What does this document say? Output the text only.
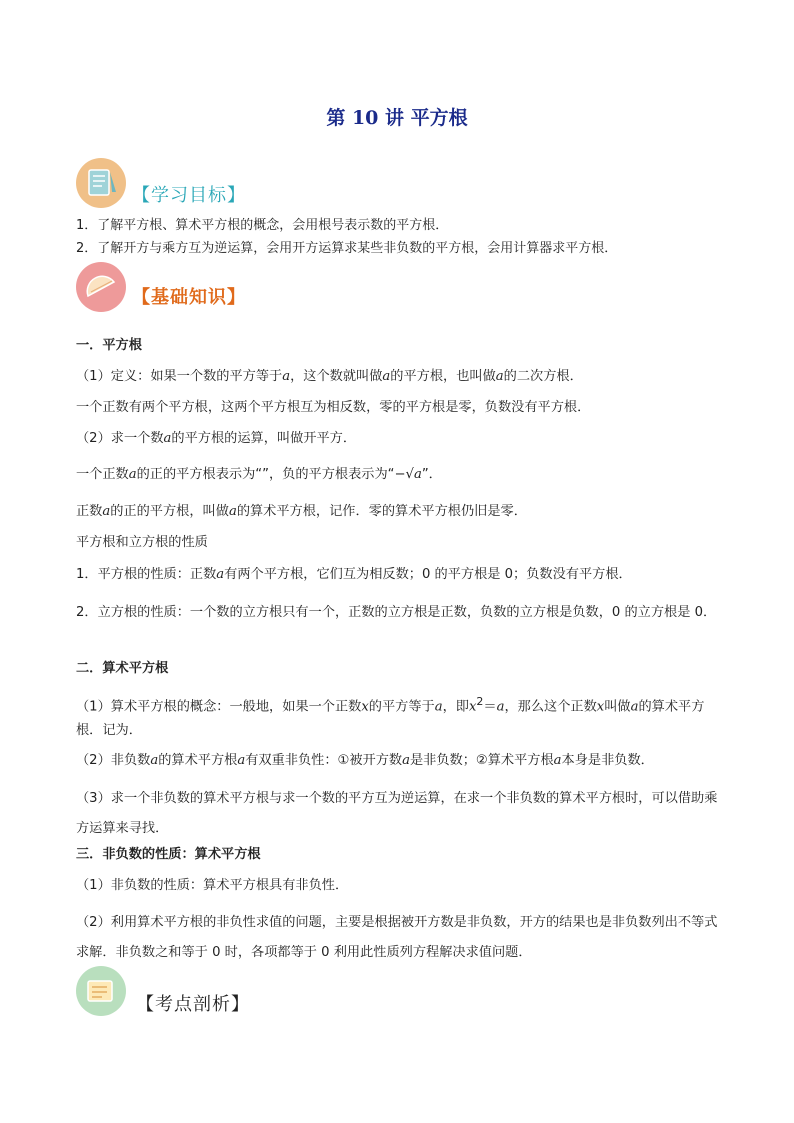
第 10 讲 平方根
【学习目标】
1．了解平方根、算术平方根的概念，会用根号表示数的平方根．
2．了解开方与乘方互为逆运算，会用开方运算求某些非负数的平方根，会用计算器求平方根．
【基础知识】
一．平方根
（1）定义：如果一个数的平方等于a，这个数就叫做a的平方根，也叫做a的二次方根．
一个正数有两个平方根，这两个平方根互为相反数，零的平方根是零，负数没有平方根．
（2）求一个数a的平方根的运算，叫做开平方．
一个正数a的正的平方根表示为“”，负的平方根表示为“−√a”．
正数a的正的平方根，叫做a的算术平方根，记作．零的算术平方根仍旧是零．
平方根和立方根的性质
1．平方根的性质：正数a有两个平方根，它们互为相反数；0 的平方根是 0；负数没有平方根．
2．立方根的性质：一个数的立方根只有一个，正数的立方根是正数，负数的立方根是负数，0 的立方根是 0．
二．算术平方根
（1）算术平方根的概念：一般地，如果一个正数x的平方等于a，即$x^2=a$，那么这个正数x叫做a的算术平方根．记为．
（2）非负数a的算术平方根a有双重非负性：①被开方数a是非负数；②算术平方根a本身是非负数．
（3）求一个非负数的算术平方根与求一个数的平方互为逆运算，在求一个非负数的算术平方根时，可以借助乘方运算来寻找．
三．非负数的性质：算术平方根
（1）非负数的性质：算术平方根具有非负性．
（2）利用算术平方根的非负性求值的问题，主要是根据被开方数是非负数，开方的结果也是非负数列出不等式求解．非负数之和等于 0 时，各项都等于 0 利用此性质列方程解决求值问题．
【考点剖析】
